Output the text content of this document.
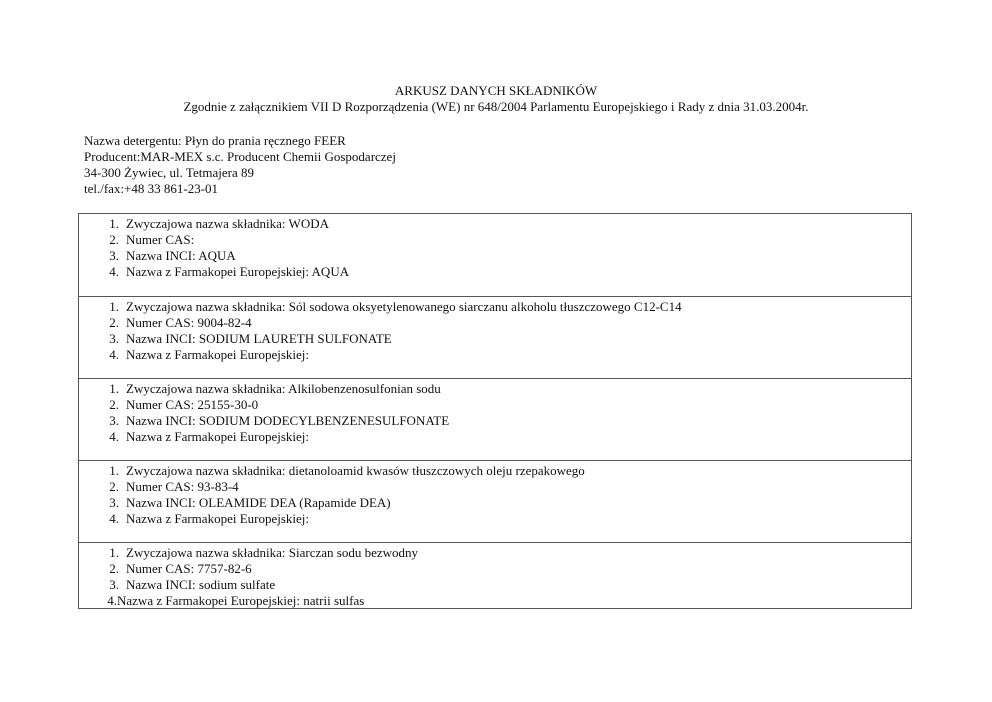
ARKUSZ DANYCH SKŁADNIKÓW
Zgodnie z załącznikiem VII D Rozporządzenia (WE) nr 648/2004 Parlamentu Europejskiego i Rady z dnia 31.03.2004r.
Nazwa detergentu: Płyn do prania ręcznego FEER
Producent:MAR-MEX s.c. Producent Chemii Gospodarczej
34-300 Żywiec, ul. Tetmajera 89
tel./fax:+48 33 861-23-01
1. Zwyczajowa nazwa składnika: WODA
2. Numer CAS:
3. Nazwa INCI: AQUA
4. Nazwa z Farmakopei Europejskiej: AQUA
1. Zwyczajowa nazwa składnika: Sól sodowa oksyetylenowanego siarczanu alkoholu tłuszczowego C12-C14
2. Numer CAS: 9004-82-4
3. Nazwa INCI: SODIUM LAURETH SULFONATE
4. Nazwa z Farmakopei Europejskiej:
1. Zwyczajowa nazwa składnika: Alkilobenzenosulfonian sodu
2. Numer CAS: 25155-30-0
3. Nazwa INCI: SODIUM DODECYLBENZENESULFONATE
4. Nazwa z Farmakopei Europejskiej:
1. Zwyczajowa nazwa składnika: dietanoloamid kwasów tłuszczowych oleju rzepakowego
2. Numer CAS: 93-83-4
3. Nazwa INCI: OLEAMIDE DEA (Rapamide DEA)
4. Nazwa z Farmakopei Europejskiej:
1. Zwyczajowa nazwa składnika: Siarczan sodu bezwodny
2. Numer CAS: 7757-82-6
3. Nazwa INCI: sodium sulfate
4. Nazwa z Farmakopei Europejskiej: natrii sulfas
